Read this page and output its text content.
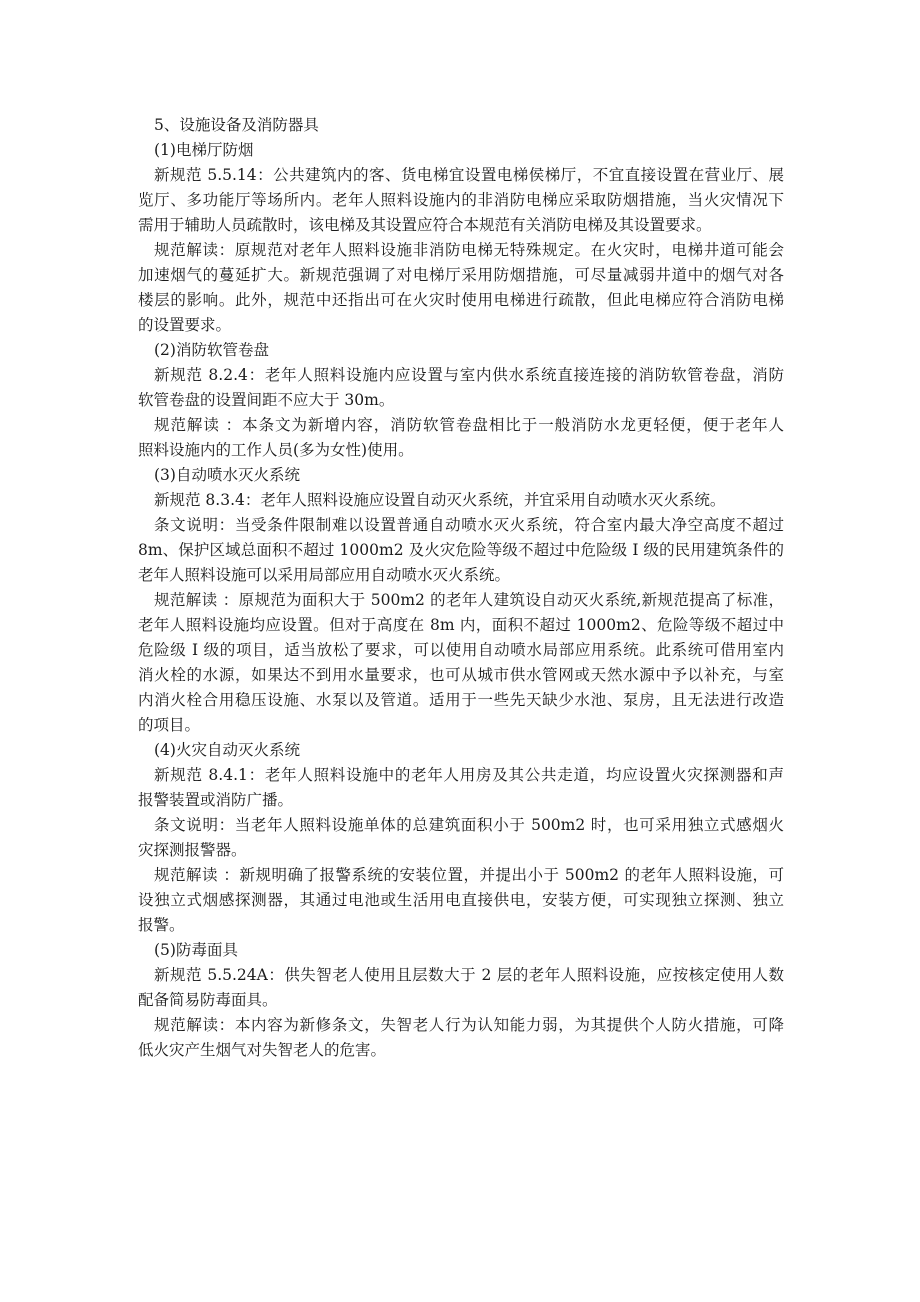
5、设施设备及消防器具

(1)电梯厅防烟

新规范 5.5.14：公共建筑内的客、货电梯宜设置电梯侯梯厅，不宜直接设置在营业厅、展

览厅、多功能厅等场所内。老年人照料设施内的非消防电梯应采取防烟措施，当火灾情况下

需用于辅助人员疏散时，该电梯及其设置应符合本规范有关消防电梯及其设置要求。

规范解读：原规范对老年人照料设施非消防电梯无特殊规定。在火灾时，电梯井道可能会

加速烟气的蔓延扩大。新规范强调了对电梯厅采用防烟措施，可尽量减弱井道中的烟气对各

楼层的影响。此外，规范中还指出可在火灾时使用电梯进行疏散，但此电梯应符合消防电梯

的设置要求。

(2)消防软管卷盘

新规范 8.2.4：老年人照料设施内应设置与室内供水系统直接连接的消防软管卷盘，消防

软管卷盘的设置间距不应大于 30m。

规范解读 ：本条文为新增内容，消防软管卷盘相比于一般消防水龙更轻便，便于老年人

照料设施内的工作人员(多为女性)使用。

(3)自动喷水灭火系统

新规范 8.3.4：老年人照料设施应设置自动灭火系统，并宜采用自动喷水灭火系统。

条文说明：当受条件限制难以设置普通自动喷水灭火系统，符合室内最大净空高度不超过

8m、保护区域总面积不超过 1000m2 及火灾危险等级不超过中危险级 I 级的民用建筑条件的

老年人照料设施可以采用局部应用自动喷水灭火系统。

规范解读 ：原规范为面积大于 500m2 的老年人建筑设自动灭火系统,新规范提高了标准，

老年人照料设施均应设置。但对于高度在 8m 内，面积不超过 1000m2、危险等级不超过中

危险级 I 级的项目，适当放松了要求，可以使用自动喷水局部应用系统。此系统可借用室内

消火栓的水源，如果达不到用水量要求，也可从城市供水管网或天然水源中予以补充，与室

内消火栓合用稳压设施、水泵以及管道。适用于一些先天缺少水池、泵房，且无法进行改造

的项目。

(4)火灾自动灭火系统

新规范 8.4.1：老年人照料设施中的老年人用房及其公共走道，均应设置火灾探测器和声

报警装置或消防广播。

条文说明：当老年人照料设施单体的总建筑面积小于 500m2 时，也可采用独立式感烟火

灾探测报警器。

规范解读 ：新规明确了报警系统的安装位置，并提出小于 500m2 的老年人照料设施，可

设独立式烟感探测器，其通过电池或生活用电直接供电，安装方便，可实现独立探测、独立

报警。

(5)防毒面具

新规范 5.5.24A：供失智老人使用且层数大于 2 层的老年人照料设施，应按核定使用人数

配备简易防毒面具。

规范解读：本内容为新修条文，失智老人行为认知能力弱，为其提供个人防火措施，可降

低火灾产生烟气对失智老人的危害。
